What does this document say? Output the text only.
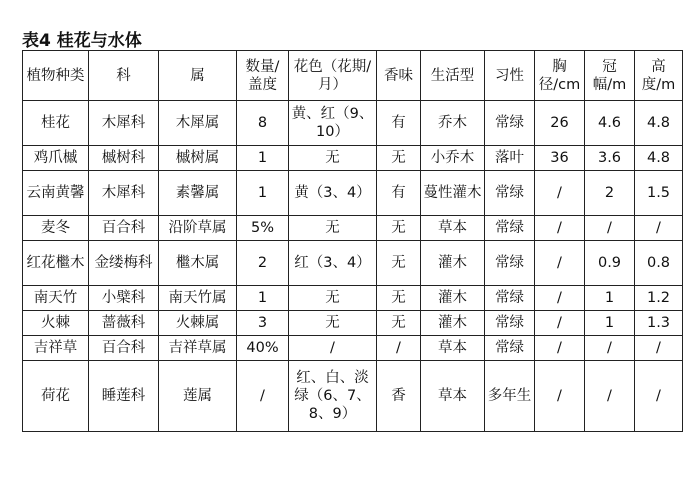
表4 桂花与水体
植物种类	科	属	数量/盖度	花色（花期/月）	香味	生活型	习性	胸径/cm	冠幅/m	高度/m
桂花	木犀科	木犀属	8	黄、红（9、10）	有	乔木	常绿	26	4.6	4.8
鸡爪槭	槭树科	槭树属	1	无	无	小乔木	落叶	36	3.6	4.8
云南黄馨	木犀科	素馨属	1	黄（3、4）	有	蔓性灌木	常绿	/	2	1.5
麦冬	百合科	沿阶草属	5%	无	无	草本	常绿	/	/	/
红花檵木	金缕梅科	檵木属	2	红（3、4）	无	灌木	常绿	/	0.9	0.8
南天竹	小檗科	南天竹属	1	无	无	灌木	常绿	/	1	1.2
火棘	蔷薇科	火棘属	3	无	无	灌木	常绿	/	1	1.3
吉祥草	百合科	吉祥草属	40%	/	/	草本	常绿	/	/	/
荷花	睡莲科	莲属	/	红、白、淡绿（6、7、8、9）	香	草本	多年生	/	/	/
